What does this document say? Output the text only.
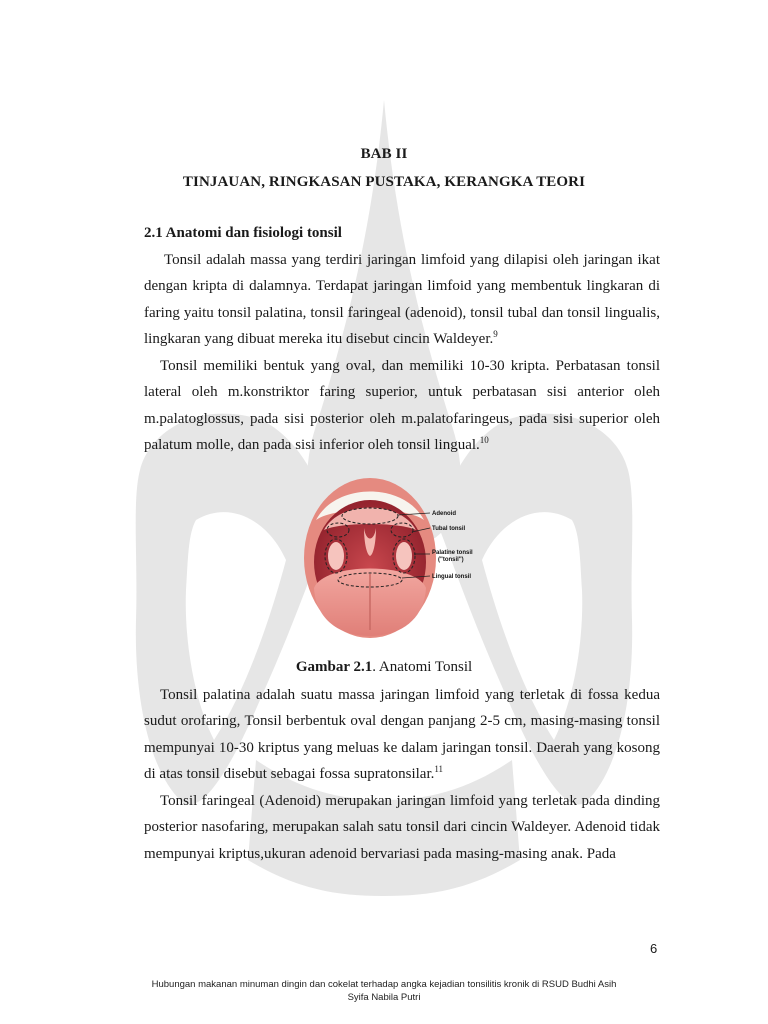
BAB II
TINJAUAN, RINGKASAN PUSTAKA, KERANGKA TEORI
2.1 Anatomi dan fisiologi tonsil
Tonsil adalah massa yang terdiri jaringan limfoid yang dilapisi oleh jaringan ikat dengan kripta di dalamnya. Terdapat jaringan limfoid yang membentuk lingkaran di faring yaitu tonsil palatina, tonsil faringeal (adenoid), tonsil tubal dan tonsil lingualis, lingkaran yang dibuat mereka itu disebut cincin Waldeyer.$^9$
Tonsil memiliki bentuk yang oval, dan memiliki 10-30 kripta. Perbatasan tonsil lateral oleh m.konstriktor faring superior, untuk perbatasan sisi anterior oleh m.palatoglossus, pada sisi posterior oleh m.palatofaringeus, pada sisi superior oleh palatum molle, dan pada sisi inferior oleh tonsil lingual.$^{10}$
Adenoid
Tubal tonsil
Palatine tonsil
("tonsil")
Lingual tonsil
Gambar 2.1. Anatomi Tonsil
Tonsil palatina adalah suatu massa jaringan limfoid yang terletak di fossa kedua sudut orofaring, Tonsil berbentuk oval dengan panjang 2-5 cm, masing-masing tonsil mempunyai 10-30 kriptus yang meluas ke dalam jaringan tonsil. Daerah yang kosong di atas tonsil disebut sebagai fossa supratonsilar.$^{11}$
Tonsil faringeal (Adenoid) merupakan jaringan limfoid yang terletak pada dinding posterior nasofaring, merupakan salah satu tonsil dari cincin Waldeyer. Adenoid tidak mempunyai kriptus,ukuran adenoid bervariasi pada masing-masing anak. Pada
6
Hubungan makanan minuman dingin dan cokelat terhadap angka kejadian tonsilitis kronik di RSUD Budhi Asih
Syifa Nabila Putri
